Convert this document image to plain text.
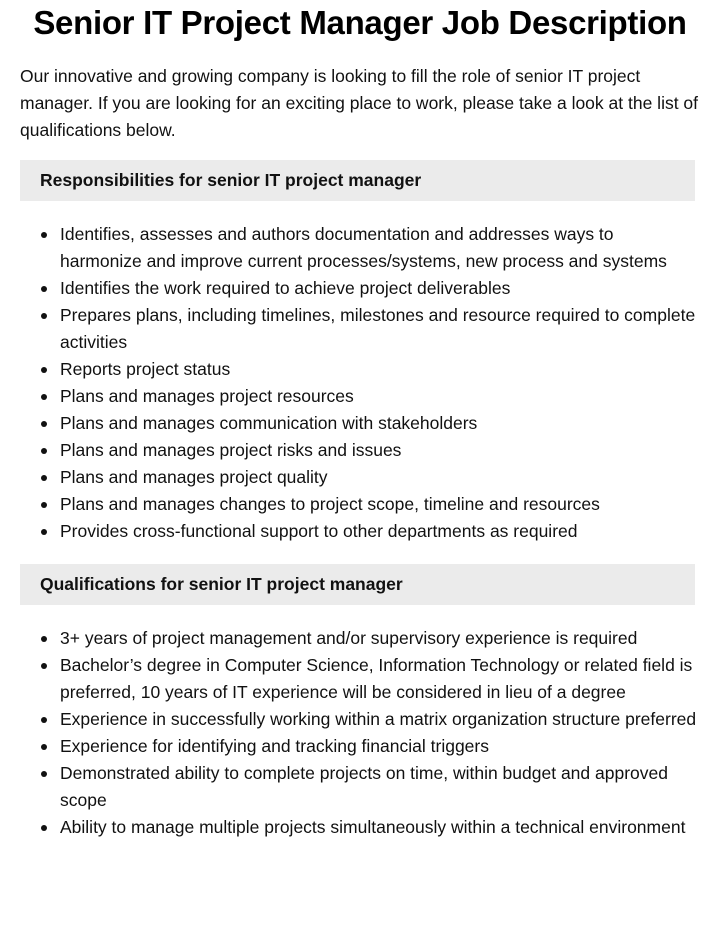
Senior IT Project Manager Job Description

Our innovative and growing company is looking to fill the role of senior IT project manager. If you are looking for an exciting place to work, please take a look at the list of qualifications below.

Responsibilities for senior IT project manager
Identifies, assesses and authors documentation and addresses ways to harmonize and improve current processes/systems, new process and systems
Identifies the work required to achieve project deliverables
Prepares plans, including timelines, milestones and resource required to complete activities
Reports project status
Plans and manages project resources
Plans and manages communication with stakeholders
Plans and manages project risks and issues
Plans and manages project quality
Plans and manages changes to project scope, timeline and resources
Provides cross-functional support to other departments as required
Qualifications for senior IT project manager
3+ years of project management and/or supervisory experience is required
Bachelor’s degree in Computer Science, Information Technology or related field is preferred, 10 years of IT experience will be considered in lieu of a degree
Experience in successfully working within a matrix organization structure preferred
Experience for identifying and tracking financial triggers
Demonstrated ability to complete projects on time, within budget and approved scope
Ability to manage multiple projects simultaneously within a technical environment
